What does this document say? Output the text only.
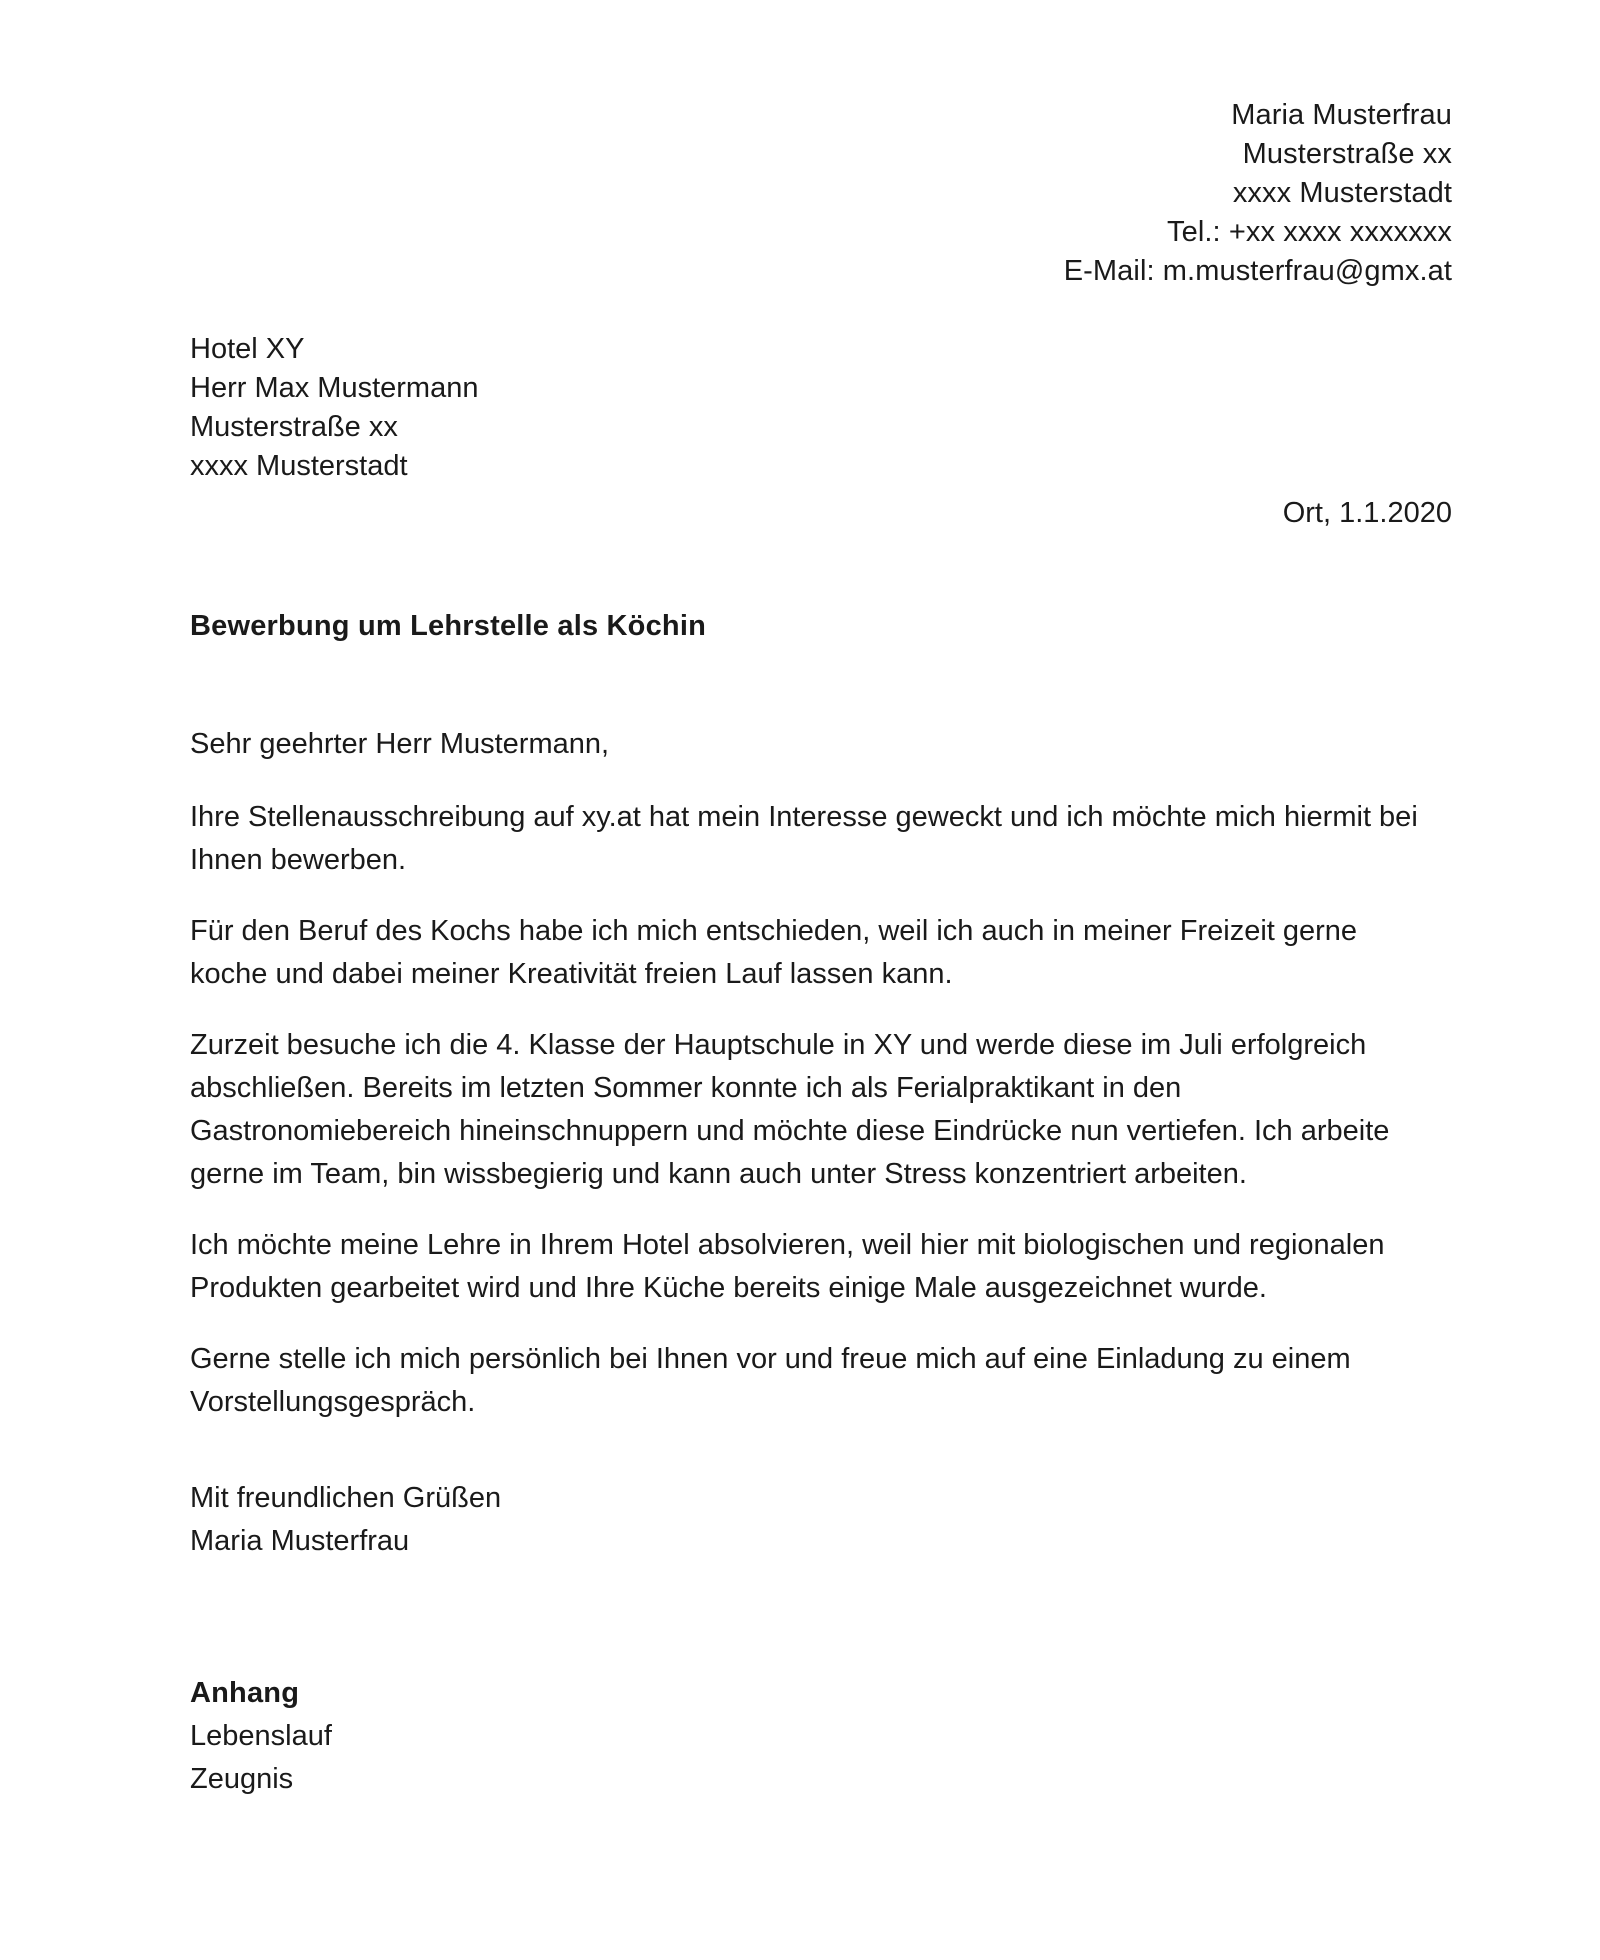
Maria Musterfrau
Musterstraße xx
xxxx Musterstadt
Tel.: +xx xxxx xxxxxxx
E-Mail: m.musterfrau@gmx.at
Hotel XY
Herr Max Mustermann
Musterstraße xx
xxxx Musterstadt
Ort, 1.1.2020
Bewerbung um Lehrstelle als Köchin

Sehr geehrter Herr Mustermann,

Ihre Stellenausschreibung auf xy.at hat mein Interesse geweckt und ich möchte mich hiermit bei Ihnen bewerben.

Für den Beruf des Kochs habe ich mich entschieden, weil ich auch in meiner Freizeit gerne koche und dabei meiner Kreativität freien Lauf lassen kann.

Zurzeit besuche ich die 4. Klasse der Hauptschule in XY und werde diese im Juli erfolgreich abschließen. Bereits im letzten Sommer konnte ich als Ferialpraktikant in den Gastronomiebereich hineinschnuppern und möchte diese Eindrücke nun vertiefen. Ich arbeite gerne im Team, bin wissbegierig und kann auch unter Stress konzentriert arbeiten.

Ich möchte meine Lehre in Ihrem Hotel absolvieren, weil hier mit biologischen und regionalen Produkten gearbeitet wird und Ihre Küche bereits einige Male ausgezeichnet wurde.

Gerne stelle ich mich persönlich bei Ihnen vor und freue mich auf eine Einladung zu einem Vorstellungsgespräch.

Mit freundlichen Grüßen
Maria Musterfrau
Anhang
Lebenslauf
Zeugnis
